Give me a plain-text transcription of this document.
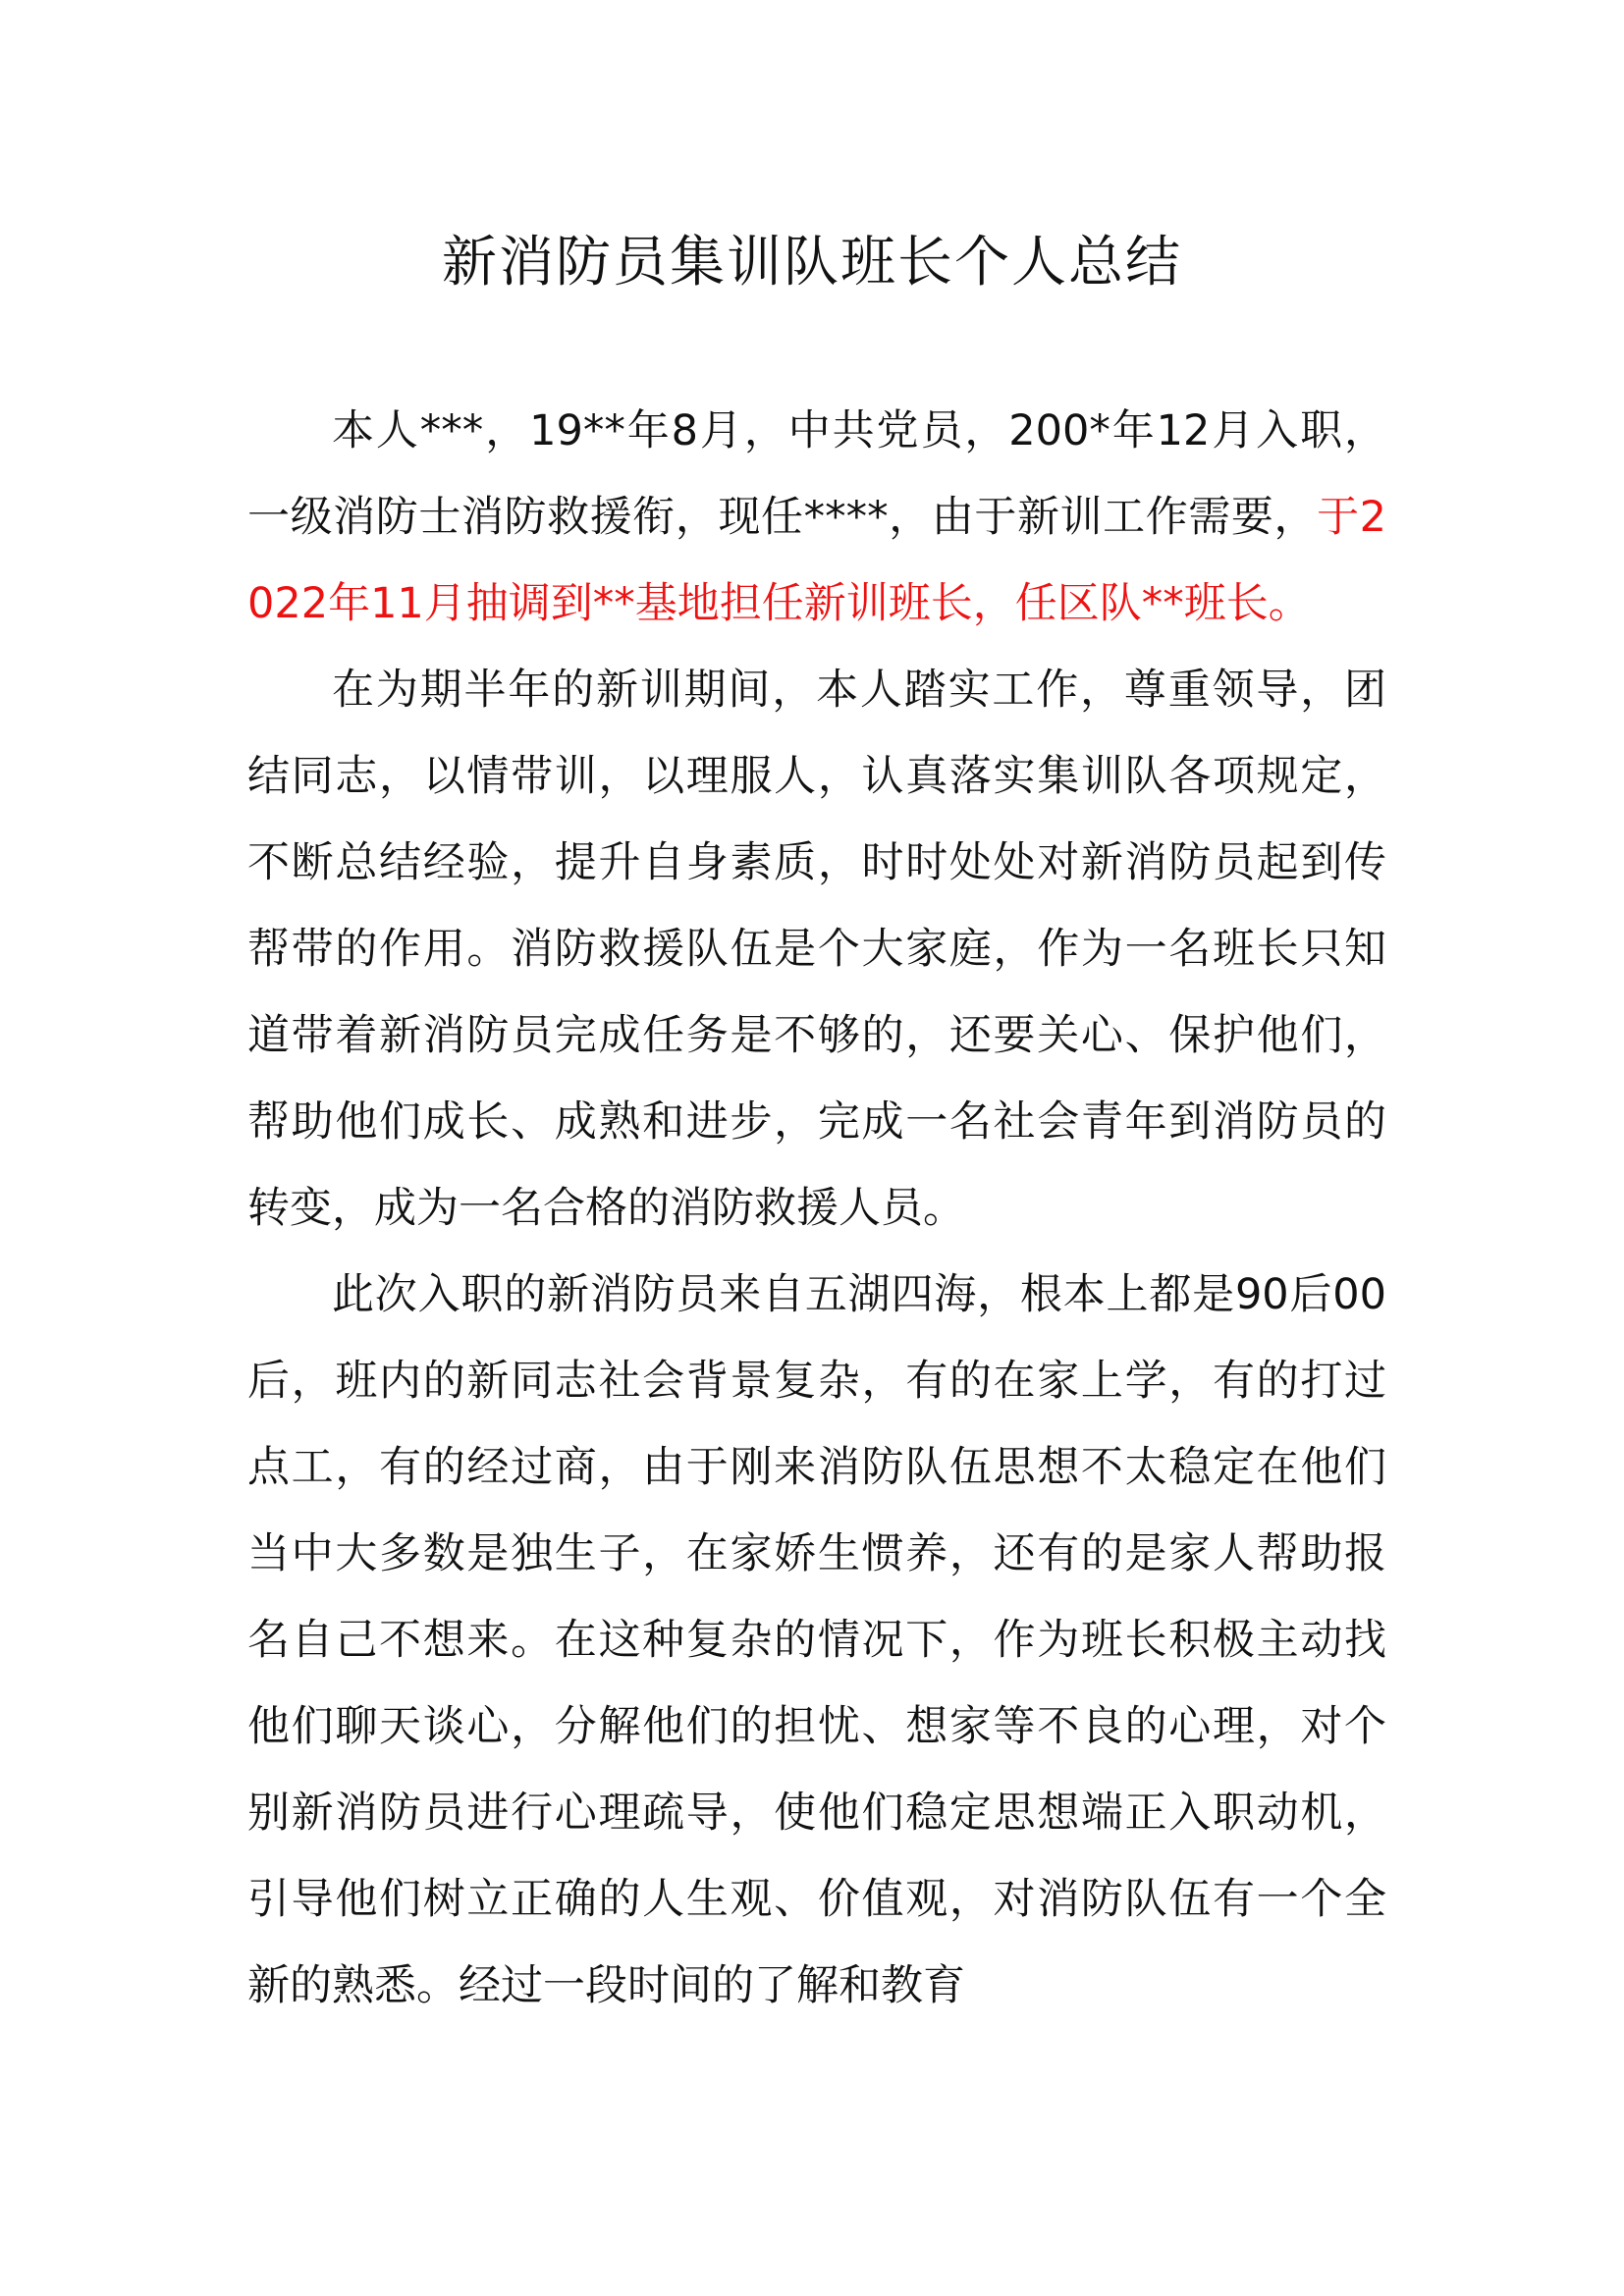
新消防员集训队班长个人总结

本人***，19**年8月，中共党员，200*年12月入职，一级消防士消防救援衔，现任****，由于新训工作需要，于2022年11月抽调到**基地担任新训班长，任区队**班长。

在为期半年的新训期间，本人踏实工作，尊重领导，团结同志，以情带训，以理服人，认真落实集训队各项规定，不断总结经验，提升自身素质，时时处处对新消防员起到传帮带的作用。消防救援队伍是个大家庭，作为一名班长只知道带着新消防员完成任务是不够的，还要关心、保护他们，帮助他们成长、成熟和进步，完成一名社会青年到消防员的转变，成为一名合格的消防救援人员。

此次入职的新消防员来自五湖四海，根本上都是90后00后，班内的新同志社会背景复杂，有的在家上学，有的打过点工，有的经过商，由于刚来消防队伍思想不太稳定在他们当中大多数是独生子，在家娇生惯养，还有的是家人帮助报名自己不想来。在这种复杂的情况下，作为班长积极主动找他们聊天谈心，分解他们的担忧、想家等不良的心理，对个别新消防员进行心理疏导，使他们稳定思想端正入职动机，引导他们树立正确的人生观、价值观，对消防队伍有一个全新的熟悉。经过一段时间的了解和教育
